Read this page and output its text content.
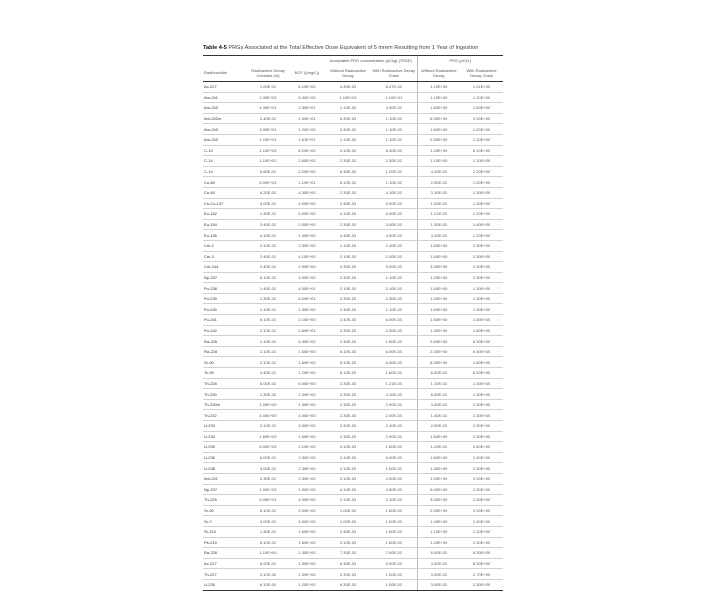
Table 4-5 PRGs Associated at the Total Effective Dose Equivalent of 5 mrem Resulting from 1 Year of Ingestion
			Acceptable PRG concentration (pCi/g) (TEDE)		PRG (pCi/L)	
Radionuclide	Radioactive Decay Constant (/d)	BCF (/(mg/L))	Without Radioactive Decay	With Radioactive Decay Chain	Without Radioactive Decay	With Radioactive Decay Chain
Ac-227	1.00E-01	6.10E+00	4.30E-03	8.47E-02	1.10E+00	1.21E+00
Am-241	2.30E+02	6.30E+02	1.10E+01	1.10E+01	1.10E+00	1.10E+00
Am-243	4.30E+01	2.30E+01	1.10E-02	4.30E-02	1.60E+00	1.60E+00
Am-242m	2.40E-02	1.00E+01	6.30E-03	1.10E-03	6.30E+00	2.00E+00
Am-243	3.30E+01	1.20E+00	2.30E-02	1.10E-03	1.60E+00	1.20E+00
Am-243	1.10E+01	1.61E+01	1.10E-02	1.10E-02	2.50E+00	1.10E+00
C-14	1.10E+02	6.20E+00	4.10E-02	8.40E-03	1.20E+00	6.10E+00
C-14	1.10E+02	2.60E+02	2.30E-02	2.30E-02	1.10E+00	1.10E+00
C-14	6.60E-02	2.20E+00	6.30E-02	1.20E-02	4.10E-03	2.20E+00
Co-60	6.00E+01	1.10E+01	6.10E-02	1.10E-02	2.00E-03	1.00E+00
Co-60	6.20E-02	4.30E+00	2.30E-03	4.10E-03	3.10E-03	1.30E+00
Cs-Co-137	4.00E-02	4.00E+00	2.30E-03	6.00E-03	1.00E-03	1.30E+00
Eu-152	1.30E-01	6.00E+00	4.10E-03	6.00E-03	1.21E-03	1.20E+00
Eu-154	3.40E-02	2.00E+00	2.30E-03	3.00E-03	1.30E-03	1.40E+00
Eu-155	4.10E-01	1.40E+00	4.30E-03	4.00E-03	3.10E-03	1.20E+00
Cm-2	2.10E-02	2.30E+00	1.10E-03	2.40E-03	1.60E+00	2.30E+00
Cm-3	2.40E-01	4.10E+00	2.10E-03	2.00E-03	1.60E+00	2.30E+00
Cm-244	2.40E-02	1.90E+00	2.30E-03	3.00E-03	3.00E+00	2.30E+00
Np-237	6.10E-02	4.00E+00	2.30E-03	1.10E-03	1.20E+00	2.30E+00
Pu-238	1.40E-02	4.00E+01	2.10E-03	2.10E-03	1.60E+00	1.30E+00
Pu-239	1.30E-02	6.00E+01	2.30E-03	2.30E-03	1.00E+00	1.30E+00
Pu-240	1.10E-01	1.30E+00	2.30E-03	1.10E-03	1.60E+00	1.30E+00
Pu-241	6.10E-01	2.10E+00	2.40E-03	6.00E-03	1.60E+00	1.60E+00
Pu-242	2.10E-01	2.60E+01	2.30E-03	2.00E-03	1.30E+00	1.60E+00
Ra-226	1.10E-02	6.30E+02	2.30E-03	1.60E-03	2.60E+00	6.30E+00
Ra-228	2.10E-01	1.60E+00	6.10E-03	6.00E-03	2.00E+00	6.40E+00
Sr-90	2.10E-01	1.60E+00	6.10E-03	6.00E-03	6.00E+00	1.60E+00
Tc-99	3.40E-01	1.20E+00	6.10E-03	1.60E-03	6.00E-03	6.20E+00
Th-228	6.00E-02	6.00E+00	2.30E-03	1.21E-03	1.10E-03	1.30E+00
Th-230	1.30E-00	1.30E+00	2.30E-03	4.10E-03	6.00E-03	1.30E+00
Th-230m	1.00E+00	1.30E+00	2.30E-03	2.00E-03	3.00E-03	2.30E+00
Th-232	4.00E+00	4.00E+00	2.30E-03	2.00E-03	1.40E-03	2.30E+00
U-233	2.10E-02	2.00E+00	2.30E-03	2.40E-03	2.00E-03	2.30E+00
U-234	1.60E+02	1.00E+00	2.30E-03	2.00E-03	1.60E+00	2.30E+00
U-235	6.00E+02	2.10E+00	4.10E-03	1.60E-03	1.20E-03	2.60E+00
U-236	6.00E-01	2.30E+00	2.10E-03	6.00E-03	1.60E+00	1.40E+00
U-238	4.00E-02	2.30E+00	2.10E-03	1.00E-02	1.30E+00	2.30E+00
Am-241	2.30E-01	2.30E+00	2.10E-03	2.00E-03	1.00E+00	2.00E+00
Np-237	1.00E+02	1.30E+00	4.10E-03	4.00E-03	6.00E+00	2.30E+00
Th-228	6.00E+01	4.30E+00	2.10E-03	2.10E-03	3.00E+00	2.30E+00
Sr-90	6.10E-02	2.00E+00	1.00E-02	1.60E-03	2.00E+00	2.00E+00
Sr-Y	4.00E-02	4.00E+00	1.00E-03	1.00E-03	1.40E+00	1.40E+00
Sr-210	1.30E-01	1.60E+00	2.30E-03	1.60E-03	1.10E+00	1.10E+00
Pb-210	6.10E-02	1.60E+00	2.10E-03	1.60E-03	1.20E+00	2.30E+00
Ra-226	1.10E+00	1.30E+00	7.30E-03	7.00E-03	6.00E-03	6.30E+00
Ac-227	6.20E-02	1.30E+00	6.30E-03	6.00E-03	3.00E-03	6.30E+00
Th-227	3.10E-00	1.30E+00	2.30E-03	1.00E-03	3.00E-03	2.70E+00
U-235	6.10E-00	1.20E+00	6.30E-03	1.00E-03	3.00E-03	2.30E+00
